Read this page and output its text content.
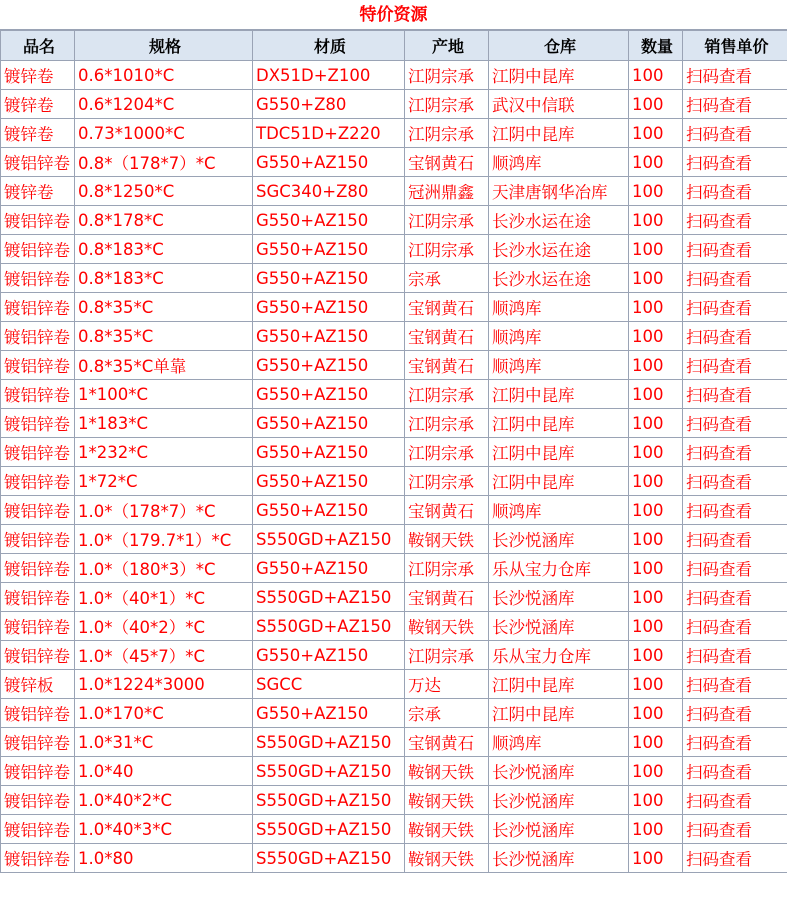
特价资源
品名	规格	材质	产地	仓库	数量	销售单价
镀锌卷	0.6*1010*C	DX51D+Z100	江阴宗承	江阴中昆库	100	扫码查看
镀锌卷	0.6*1204*C	G550+Z80	江阴宗承	武汉中信联	100	扫码查看
镀锌卷	0.73*1000*C	TDC51D+Z220	江阴宗承	江阴中昆库	100	扫码查看
镀铝锌卷	0.8*（178*7）*C	G550+AZ150	宝钢黄石	顺鸿库	100	扫码查看
镀锌卷	0.8*1250*C	SGC340+Z80	冠洲鼎鑫	天津唐钢华冶库	100	扫码查看
镀铝锌卷	0.8*178*C	G550+AZ150	江阴宗承	长沙水运在途	100	扫码查看
镀铝锌卷	0.8*183*C	G550+AZ150	江阴宗承	长沙水运在途	100	扫码查看
镀铝锌卷	0.8*183*C	G550+AZ150	宗承	长沙水运在途	100	扫码查看
镀铝锌卷	0.8*35*C	G550+AZ150	宝钢黄石	顺鸿库	100	扫码查看
镀铝锌卷	0.8*35*C	G550+AZ150	宝钢黄石	顺鸿库	100	扫码查看
镀铝锌卷	0.8*35*C单靠	G550+AZ150	宝钢黄石	顺鸿库	100	扫码查看
镀铝锌卷	1*100*C	G550+AZ150	江阴宗承	江阴中昆库	100	扫码查看
镀铝锌卷	1*183*C	G550+AZ150	江阴宗承	江阴中昆库	100	扫码查看
镀铝锌卷	1*232*C	G550+AZ150	江阴宗承	江阴中昆库	100	扫码查看
镀铝锌卷	1*72*C	G550+AZ150	江阴宗承	江阴中昆库	100	扫码查看
镀铝锌卷	1.0*（178*7）*C	G550+AZ150	宝钢黄石	顺鸿库	100	扫码查看
镀铝锌卷	1.0*（179.7*1）*C	S550GD+AZ150	鞍钢天铁	长沙悦涵库	100	扫码查看
镀铝锌卷	1.0*（180*3）*C	G550+AZ150	江阴宗承	乐从宝力仓库	100	扫码查看
镀铝锌卷	1.0*（40*1）*C	S550GD+AZ150	宝钢黄石	长沙悦涵库	100	扫码查看
镀铝锌卷	1.0*（40*2）*C	S550GD+AZ150	鞍钢天铁	长沙悦涵库	100	扫码查看
镀铝锌卷	1.0*（45*7）*C	G550+AZ150	江阴宗承	乐从宝力仓库	100	扫码查看
镀锌板	1.0*1224*3000	SGCC	万达	江阴中昆库	100	扫码查看
镀铝锌卷	1.0*170*C	G550+AZ150	宗承	江阴中昆库	100	扫码查看
镀铝锌卷	1.0*31*C	S550GD+AZ150	宝钢黄石	顺鸿库	100	扫码查看
镀铝锌卷	1.0*40	S550GD+AZ150	鞍钢天铁	长沙悦涵库	100	扫码查看
镀铝锌卷	1.0*40*2*C	S550GD+AZ150	鞍钢天铁	长沙悦涵库	100	扫码查看
镀铝锌卷	1.0*40*3*C	S550GD+AZ150	鞍钢天铁	长沙悦涵库	100	扫码查看
镀铝锌卷	1.0*80	S550GD+AZ150	鞍钢天铁	长沙悦涵库	100	扫码查看
